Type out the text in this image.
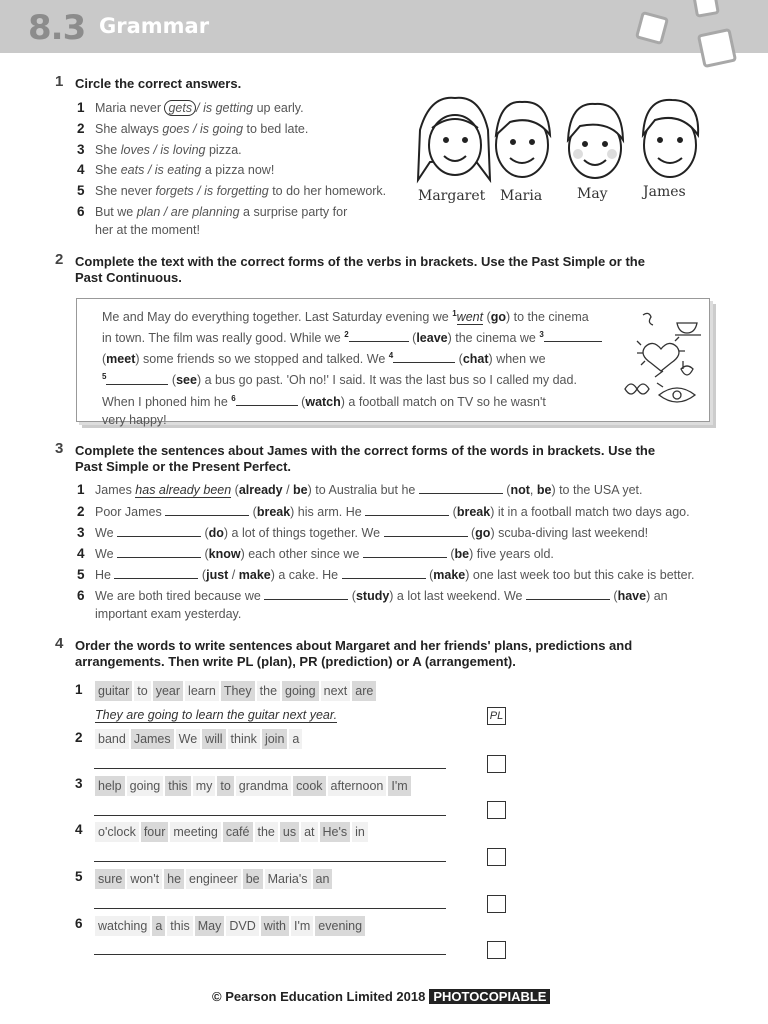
8.3 Grammar
1 Circle the correct answers.
1 Maria never gets / is getting up early.
2 She always goes / is going to bed late.
3 She loves / is loving pizza.
4 She eats / is eating a pizza now!
5 She never forgets / is forgetting to do her homework.
6 But we plan / are planning a surprise party for
her at the moment!
Margaret Maria May	James
2 Complete the text with the correct forms of the verbs in brackets. Use the Past Simple or the
Past Continuous.
Me and May do everything together. Last Saturday evening we $^1$went (go) to the cinema
in town. The film was really good. While we $^2$	(leave) the cinema we $^3$
(meet) some friends so we stopped and talked. We $^4$	(chat) when we
$^5$	(see) a bus go past. 'Oh no!' I said. It was the last bus so I called my dad.
When I phoned him he $^6$	(watch) a football match on TV so he wasn't
very happy!
3 Complete the sentences about James with the correct forms of the words in brackets. Use the
Past Simple or the Present Perfect.
1 James has already been (already / be) to Australia but he	(not, be) to the USA yet.
2 Poor James	(break) his arm. He	(break) it in a football match two days ago.
3 We	(do) a lot of things together. We	(go) scuba-diving last weekend!
4 We	(know) each other since we	(be) five years old.
5 He	(just / make) a cake. He	(make) one last week too but this cake is better.
6 We are both tired because we	(study) a lot last weekend. We	(have) an
important exam yesterday.
4 Order the words to write sentences about Margaret and her friends' plans, predictions and
arrangements. Then write PL (plan), PR (prediction) or A (arrangement).
1 guitar to year learn They the going next are
They are going to learn the guitar next year.	PL
2 band James We will think join a
3 help going this my to grandma cook afternoon I'm
4 o'clock four meeting café the us at He's in
5 sure won't he engineer be Maria's an
6 watching a this May DVD with I'm evening
© Pearson Education Limited 2018 PHOTOCOPIABLE
